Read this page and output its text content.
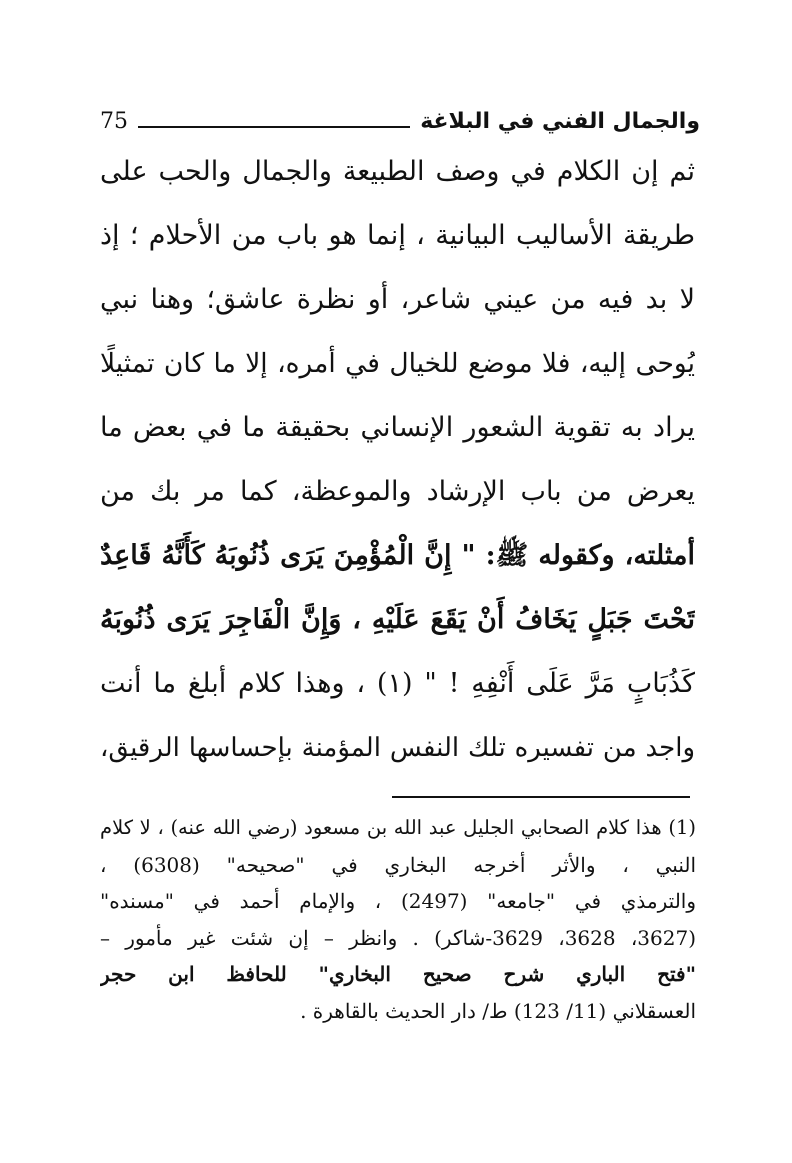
75	والجمال الفني في البلاغة
ثم إن الكلام في وصف الطبيعة والجمال والحب على
طريقة الأساليب البيانية ، إنما هو باب من الأحلام ؛ إذ
لا بد فيه من عيني شاعر، أو نظرة عاشق؛ وهنا نبي
يُوحى إليه، فلا موضع للخيال في أمره، إلا ما كان تمثيلًا
يراد به تقوية الشعور الإنساني بحقيقة ما في بعض ما
يعرض من باب الإرشاد والموعظة، كما مر بك من
أمثلته، وكقوله ﷺ: " إِنَّ الْمُؤْمِنَ يَرَى ذُنُوبَهُ كَأَنَّهُ قَاعِدٌ
تَحْتَ جَبَلٍ يَخَافُ أَنْ يَقَعَ عَلَيْهِ ، وَإِنَّ الْفَاجِرَ يَرَى ذُنُوبَهُ
كَذُبَابٍ مَرَّ عَلَى أَنْفِهِ ! " (١) ، وهذا كلام أبلغ ما أنت
واجد من تفسيره تلك النفس المؤمنة بإحساسها الرقيق،
(1) هذا كلام الصحابي الجليل عبد الله بن مسعود (رضي الله عنه) ، لا كلام
النبي ، والأثر أخرجه البخاري في "صحيحه" (6308) ،
والترمذي في "جامعه" (2497) ، والإمام أحمد في "مسنده"
(3627، 3628، 3629-شاكر) . وانظر – إن شئت غير مأمور –
"فتح الباري شرح صحيح البخاري" للحافظ ابن حجر
العسقلاني (11/ 123) ط/ دار الحديث بالقاهرة .
